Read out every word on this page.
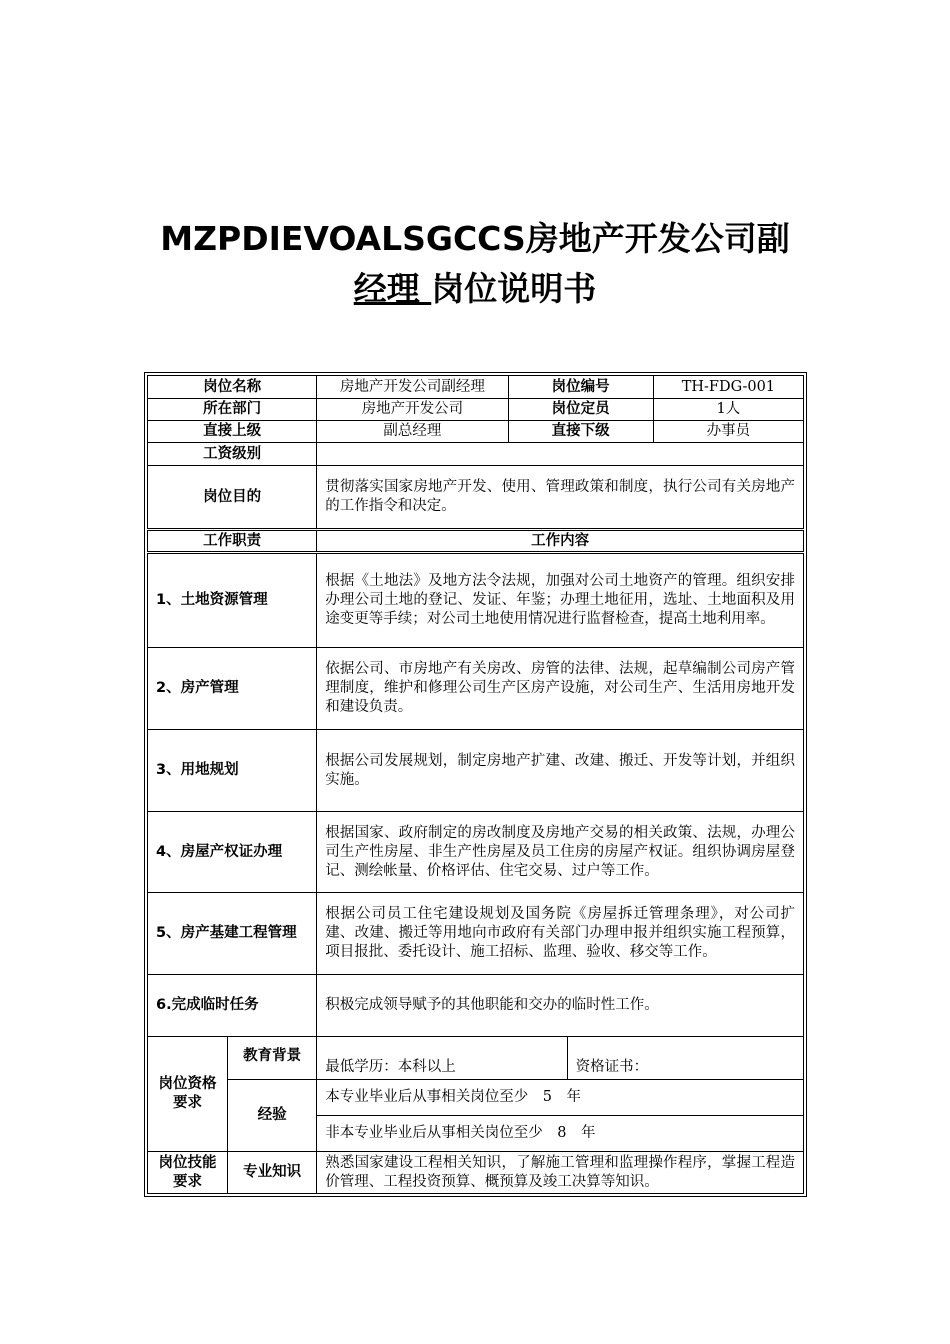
MZPDIEVOALSGCCS房地产开发公司副
经理 岗位说明书
岗位名称		房地产开发公司副经理	岗位编号		TH-FDG-001
所在部门		房地产开发公司	岗位定员		1人
直接上级		副总经理	直接下级		办事员
工资级别					
岗位目的		贯彻落实国家房地产开发、使用、管理政策和制度，执行公司有关房地产的工作指令和决定。			
工作职责		工作内容			
1、土地资源管理		根据《土地法》及地方法令法规，加强对公司土地资产的管理。组织安排办理公司土地的登记、发证、年鉴；办理土地征用，选址、土地面积及用途变更等手续；对公司土地使用情况进行监督检查，提高土地利用率。			
2、房产管理		依据公司、市房地产有关房改、房管的法律、法规，起草编制公司房产管理制度，维护和修理公司生产区房产设施，对公司生产、生活用房地开发和建设负责。			
3、用地规划		根据公司发展规划，制定房地产扩建、改建、搬迁、开发等计划，并组织实施。			
4、房屋产权证办理		根据国家、政府制定的房改制度及房地产交易的相关政策、法规，办理公司生产性房屋、非生产性房屋及员工住房的房屋产权证。组织协调房屋登记、测绘帐量、价格评估、住宅交易、过户等工作。			
5、房产基建工程管理		根据公司员工住宅建设规划及国务院《房屋拆迁管理条理》，对公司扩建、改建、搬迁等用地向市政府有关部门办理申报并组织实施工程预算，项目报批、委托设计、施工招标、监理、验收、移交等工作。			
6.完成临时任务		积极完成领导赋予的其他职能和交办的临时性工作。			
岗位资格要求	教育背景	最低学历：本科以上		资格证书：	
	经验	本专业毕业后从事相关岗位至少　5　年			
		非本专业毕业后从事相关岗位至少　8　年			
岗位技能要求	专业知识	熟悉国家建设工程相关知识，了解施工管理和监理操作程序，掌握工程造价管理、工程投资预算、概预算及竣工决算等知识。			
